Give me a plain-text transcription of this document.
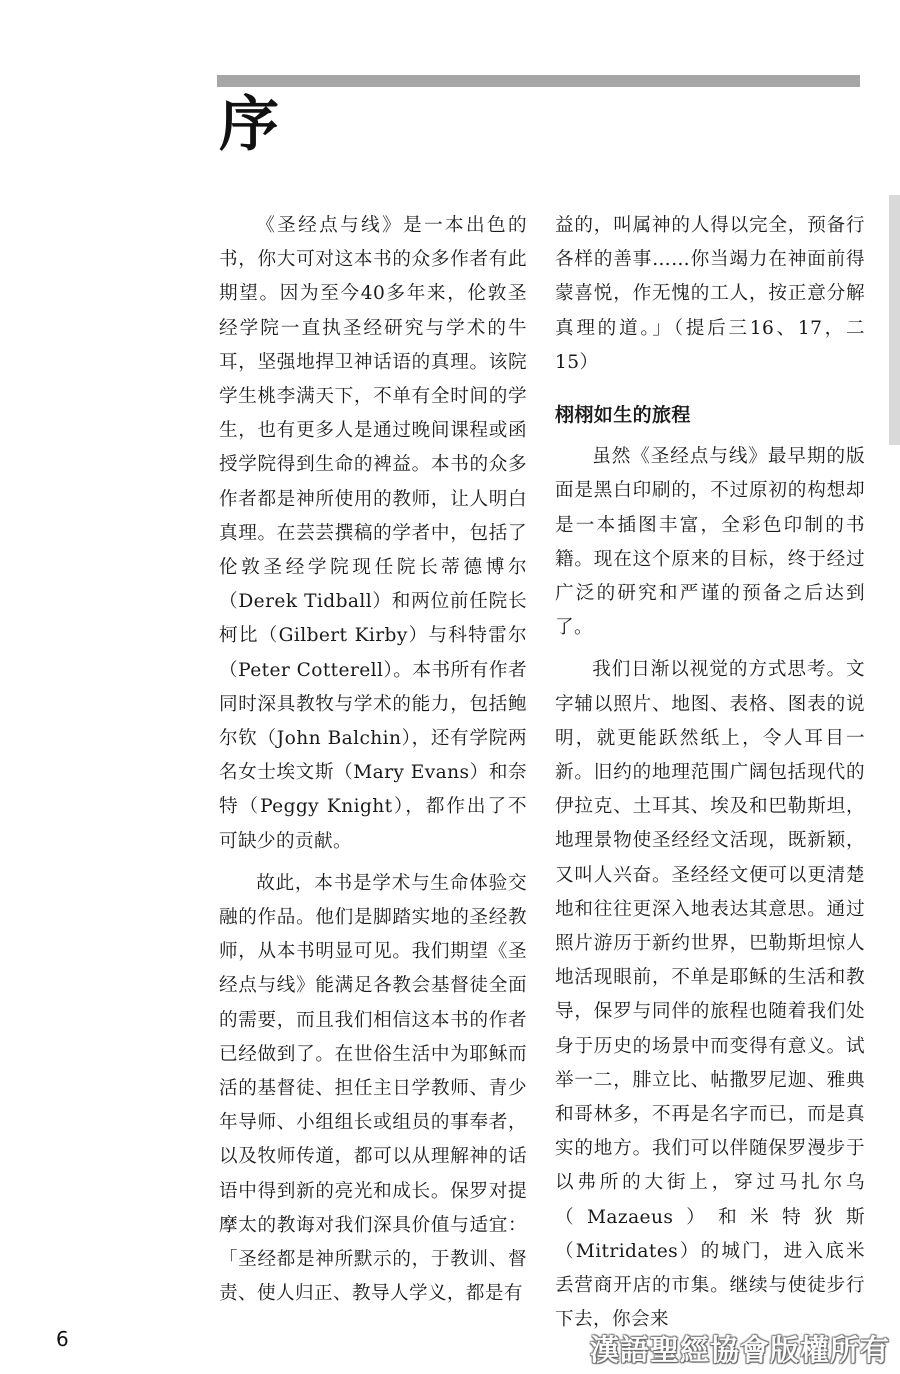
序

《圣经点与线》是一本出色的书，你大可对这本书的众多作者有此期望。因为至今40多年来，伦敦圣经学院一直执圣经研究与学术的牛耳，坚强地捍卫神话语的真理。该院学生桃李满天下，不单有全时间的学生，也有更多人是通过晚间课程或函授学院得到生命的裨益。本书的众多作者都是神所使用的教师，让人明白真理。在芸芸撰稿的学者中，包括了伦敦圣经学院现任院长蒂德博尔（Derek Tidball）和两位前任院长柯比（Gilbert Kirby）与科特雷尔（Peter Cotterell）。本书所有作者同时深具教牧与学术的能力，包括鲍尔钦（John Balchin），还有学院两名女士埃文斯（Mary Evans）和奈特（Peggy Knight），都作出了不可缺少的贡献。

故此，本书是学术与生命体验交融的作品。他们是脚踏实地的圣经教师，从本书明显可见。我们期望《圣经点与线》能满足各教会基督徒全面的需要，而且我们相信这本书的作者已经做到了。在世俗生活中为耶稣而活的基督徒、担任主日学教师、青少年导师、小组组长或组员的事奉者，以及牧师传道，都可以从理解神的话语中得到新的亮光和成长。保罗对提摩太的教诲对我们深具价值与适宜：「圣经都是神所默示的，于教训、督责、使人归正、教导人学义，都是有

益的，叫属神的人得以完全，预备行各样的善事……你当竭力在神面前得蒙喜悦，作无愧的工人，按正意分解真理的道。」（提后三16、17，二15）

栩栩如生的旅程

虽然《圣经点与线》最早期的版面是黑白印刷的，不过原初的构想却是一本插图丰富，全彩色印制的书籍。现在这个原来的目标，终于经过广泛的研究和严谨的预备之后达到了。

我们日渐以视觉的方式思考。文字辅以照片、地图、表格、图表的说明，就更能跃然纸上，令人耳目一新。旧约的地理范围广阔包括现代的伊拉克、土耳其、埃及和巴勒斯坦，地理景物使圣经经文活现，既新颖，又叫人兴奋。圣经经文便可以更清楚地和往往更深入地表达其意思。通过照片游历于新约世界，巴勒斯坦惊人地活现眼前，不单是耶稣的生活和教导，保罗与同伴的旅程也随着我们处身于历史的场景中而变得有意义。试举一二，腓立比、帖撒罗尼迦、雅典和哥林多，不再是名字而已，而是真实的地方。我们可以伴随保罗漫步于以弗所的大街上，穿过马扎尔乌（Mazaeus）和米特狄斯（Mitridates）的城门，进入底米丢营商开店的市集。继续与使徒步行下去，你会来

6	漢語聖經協會版權所有
